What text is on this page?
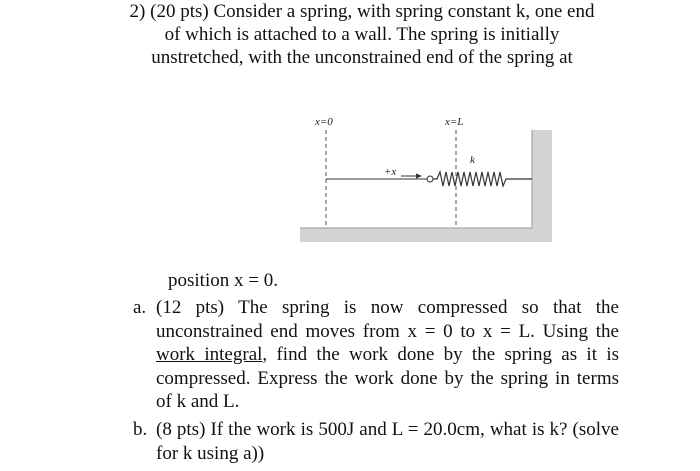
2) (20 pts) Consider a spring, with spring constant k, one end
of which is attached to a wall. The spring is initially
unstretched, with the unconstrained end of the spring at
x=0	x=L
+x
k
position x = 0.
a. (12 pts) The spring is now compressed so that the unconstrained end moves from x = 0 to x = L. Using the work integral, find the work done by the spring as it is compressed. Express the work done by the spring in terms of k and L.
b. (8 pts) If the work is 500J and L = 20.0cm, what is k? (solve for k using a))
